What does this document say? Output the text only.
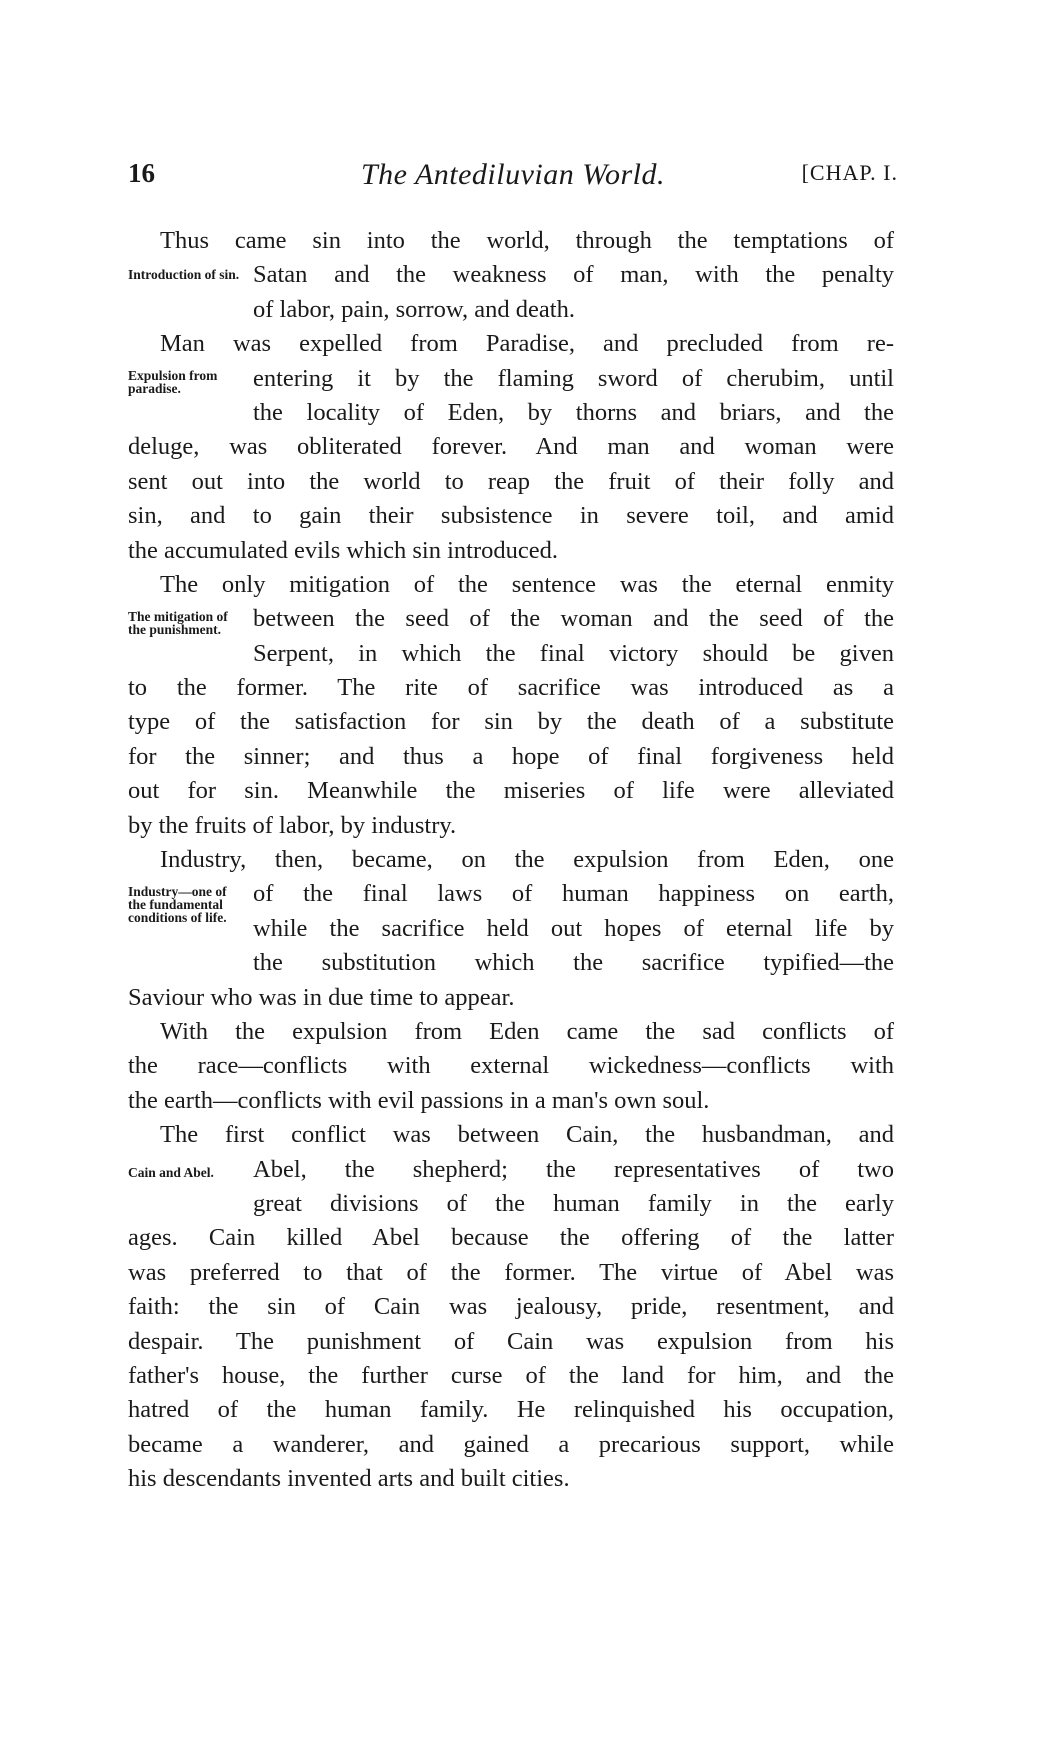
16	The Antediluvian World.	[CHAP. I.
Thus came sin into the world, through the temptations of
Satan and the weakness of man, with the penalty
of labor, pain, sorrow, and death.
Introduction of sin.
Man was expelled from Paradise, and precluded from re-
entering it by the flaming sword of cherubim, until
the locality of Eden, by thorns and briars, and the
deluge, was obliterated forever. And man and woman were
sent out into the world to reap the fruit of their folly and
sin, and to gain their subsistence in severe toil, and amid
the accumulated evils which sin introduced.
Expulsion from paradise.
The only mitigation of the sentence was the eternal enmity
between the seed of the woman and the seed of the
Serpent, in which the final victory should be given
to the former. The rite of sacrifice was introduced as a
type of the satisfaction for sin by the death of a substitute
for the sinner; and thus a hope of final forgiveness held
out for sin. Meanwhile the miseries of life were alleviated
by the fruits of labor, by industry.
The mitigation of the punishment.
Industry, then, became, on the expulsion from Eden, one
of the final laws of human happiness on earth,
while the sacrifice held out hopes of eternal life by
the substitution which the sacrifice typified—the
Saviour who was in due time to appear.
Industry—one of the fundamental conditions of life.
With the expulsion from Eden came the sad conflicts of
the race—conflicts with external wickedness—conflicts with
the earth—conflicts with evil passions in a man's own soul.
The first conflict was between Cain, the husbandman, and
Abel, the shepherd; the representatives of two
great divisions of the human family in the early
ages. Cain killed Abel because the offering of the latter
was preferred to that of the former. The virtue of Abel was
faith: the sin of Cain was jealousy, pride, resentment, and
despair. The punishment of Cain was expulsion from his
father's house, the further curse of the land for him, and the
hatred of the human family. He relinquished his occupation,
became a wanderer, and gained a precarious support, while
his descendants invented arts and built cities.
Cain and Abel.
